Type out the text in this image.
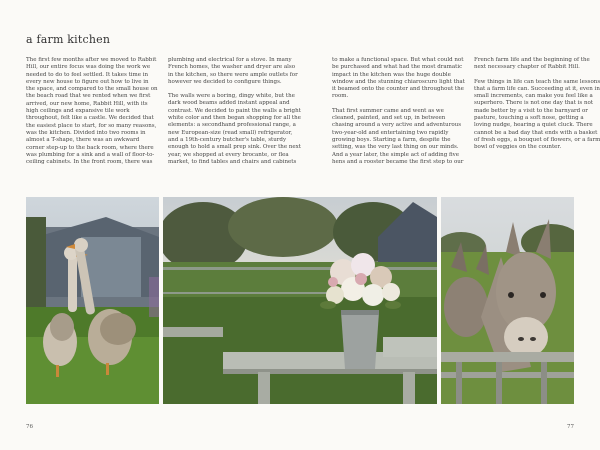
a farm kitchen

The first few months after we moved to Rabbit Hill, our entire focus was doing the work we needed to do to feel settled. It takes time in every new house to figure out how to live in the space, and compared to the small house on the beach road that we rented when we first arrived, our new home, Rabbit Hill, with its high ceilings and expansive tile work throughout, felt like a castle. We decided that the easiest place to start, for so many reasons, was the kitchen. Divided into two rooms in almost a T-shape, there was an awkward corner step-up to the back room, where there was plumbing for a sink and a wall of floor-to-ceiling cabinets. In the front room, there was

plumbing and electrical for a stove. In many French homes, the washer and dryer are also in the kitchen, so there were ample outlets for however we decided to configure things.

The walls were a boring, dingy white, but the dark wood beams added instant appeal and contrast. We decided to paint the walls a bright white color and then began shopping for all the elements: a secondhand professional range, a new European-size (read small) refrigerator, and a 19th-century butcher's table, sturdy enough to hold a small prep sink. Over the next year, we shopped at every brocante, or flea market, to find tables and chairs and cabinets

to make a functional space. But what could not be purchased and what had the most dramatic impact in the kitchen was the huge double window and the stunning chiaroscuro light that it beamed onto the counter and throughout the room.

That first summer came and went as we cleaned, painted, and set up, in between chasing around a very active and adventurous two-year-old and entertaining two rapidly growing boys. Starting a farm, despite the setting, was the very last thing on our minds. And a year later, the simple act of adding five hens and a rooster became the first step to our

French farm life and the beginning of the next necessary chapter of Rabbit Hill.

Few things in life can teach the same lessons that a farm life can. Succeeding at it, even in small increments, can make you feel like a superhero. There is not one day that is not made better by a visit to the barnyard or pasture, touching a soft nose, getting a loving nudge, hearing a quiet cluck. There cannot be a bad day that ends with a basket of fresh eggs, a bouquet of flowers, or a farm bowl of veggies on the counter.

76	77
